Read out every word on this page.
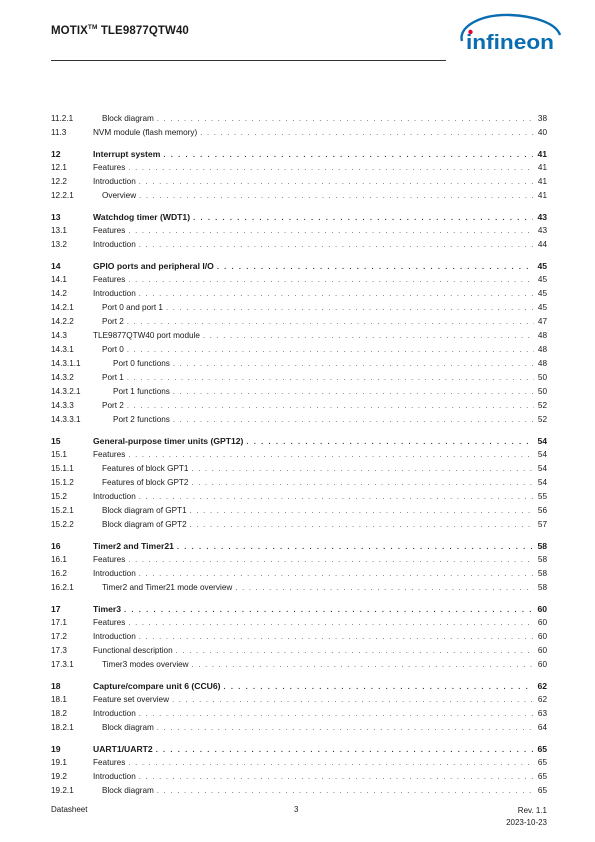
MOTIX™ TLE9877QTW40
infineon
11.2.1	Block diagram . . .	38
11.3	NVM module (flash memory) . . .	40
12	Interrupt system . . .	41
12.1	Features . . .	41
12.2	Introduction . . .	41
12.2.1	Overview . . .	41
13	Watchdog timer (WDT1) . . .	43
13.1	Features . . .	43
13.2	Introduction . . .	44
14	GPIO ports and peripheral I/O . . .	45
14.1	Features . . .	45
14.2	Introduction . . .	45
14.2.1	Port 0 and port 1 . . .	45
14.2.2	Port 2 . . .	47
14.3	TLE9877QTW40 port module . . .	48
14.3.1	Port 0 . . .	48
14.3.1.1	Port 0 functions . . .	48
14.3.2	Port 1 . . .	50
14.3.2.1	Port 1 functions . . .	50
14.3.3	Port 2 . . .	52
14.3.3.1	Port 2 functions . . .	52
15	General-purpose timer units (GPT12) . . .	54
15.1	Features . . .	54
15.1.1	Features of block GPT1 . . .	54
15.1.2	Features of block GPT2 . . .	54
15.2	Introduction . . .	55
15.2.1	Block diagram of GPT1 . . .	56
15.2.2	Block diagram of GPT2 . . .	57
16	Timer2 and Timer21 . . .	58
16.1	Features . . .	58
16.2	Introduction . . .	58
16.2.1	Timer2 and Timer21 mode overview . . .	58
17	Timer3 . . .	60
17.1	Features . . .	60
17.2	Introduction . . .	60
17.3	Functional description . . .	60
17.3.1	Timer3 modes overview . . .	60
18	Capture/compare unit 6 (CCU6) . . .	62
18.1	Feature set overview . . .	62
18.2	Introduction . . .	63
18.2.1	Block diagram . . .	64
19	UART1/UART2 . . .	65
19.1	Features . . .	65
19.2	Introduction . . .	65
19.2.1	Block diagram . . .	65
Datasheet	3	Rev. 1.1
2023-10-23
